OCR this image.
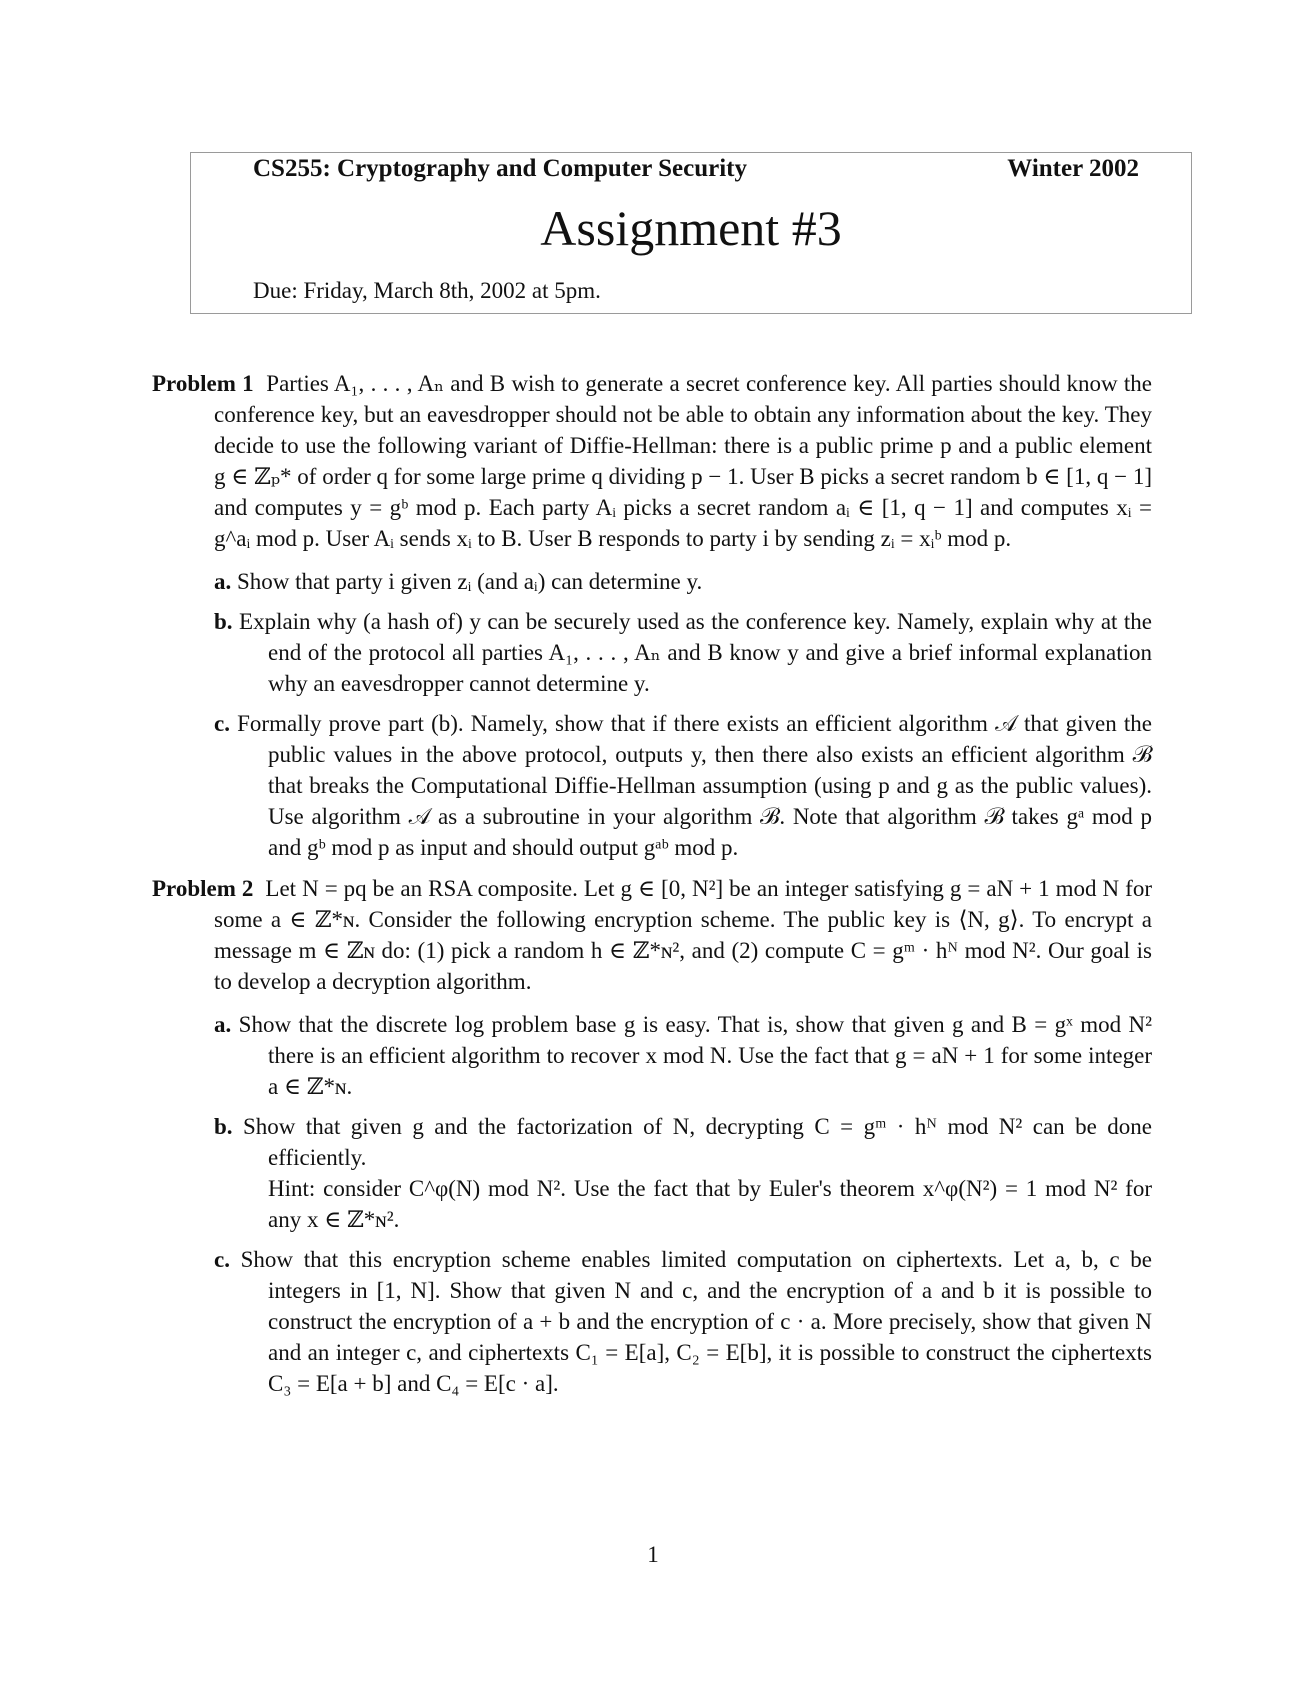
CS255: Cryptography and Computer Security	Winter 2002
Assignment #3
Due: Friday, March 8th, 2002 at 5pm.

Problem 1 Parties A₁, . . . , Aₙ and B wish to generate a secret conference key. All parties should know the conference key, but an eavesdropper should not be able to obtain any information about the key. They decide to use the following variant of Diffie-Hellman: there is a public prime p and a public element g ∈ ℤₚ* of order q for some large prime q dividing p − 1. User B picks a secret random b ∈ [1, q − 1] and computes y = gᵇ mod p. Each party Aᵢ picks a secret random aᵢ ∈ [1, q − 1] and computes xᵢ = g^aᵢ mod p. User Aᵢ sends xᵢ to B. User B responds to party i by sending zᵢ = xᵢᵇ mod p.

a. Show that party i given zᵢ (and aᵢ) can determine y.

b. Explain why (a hash of) y can be securely used as the conference key. Namely, explain why at the end of the protocol all parties A₁, . . . , Aₙ and B know y and give a brief informal explanation why an eavesdropper cannot determine y.

c. Formally prove part (b). Namely, show that if there exists an efficient algorithm 𝒜 that given the public values in the above protocol, outputs y, then there also exists an efficient algorithm ℬ that breaks the Computational Diffie-Hellman assumption (using p and g as the public values). Use algorithm 𝒜 as a subroutine in your algorithm ℬ. Note that algorithm ℬ takes gᵃ mod p and gᵇ mod p as input and should output gᵃᵇ mod p.

Problem 2 Let N = pq be an RSA composite. Let g ∈ [0, N²] be an integer satisfying g = aN + 1 mod N for some a ∈ ℤ*ɴ. Consider the following encryption scheme. The public key is ⟨N, g⟩. To encrypt a message m ∈ ℤɴ do: (1) pick a random h ∈ ℤ*ɴ², and (2) compute C = gᵐ · hᴺ mod N². Our goal is to develop a decryption algorithm.

a. Show that the discrete log problem base g is easy. That is, show that given g and B = gˣ mod N² there is an efficient algorithm to recover x mod N. Use the fact that g = aN + 1 for some integer a ∈ ℤ*ɴ.

b. Show that given g and the factorization of N, decrypting C = gᵐ · hᴺ mod N² can be done efficiently.
Hint: consider C^φ(N) mod N². Use the fact that by Euler's theorem x^φ(N²) = 1 mod N² for any x ∈ ℤ*ɴ².

c. Show that this encryption scheme enables limited computation on ciphertexts. Let a, b, c be integers in [1, N]. Show that given N and c, and the encryption of a and b it is possible to construct the encryption of a + b and the encryption of c · a. More precisely, show that given N and an integer c, and ciphertexts C₁ = E[a], C₂ = E[b], it is possible to construct the ciphertexts C₃ = E[a + b] and C₄ = E[c · a].

1
